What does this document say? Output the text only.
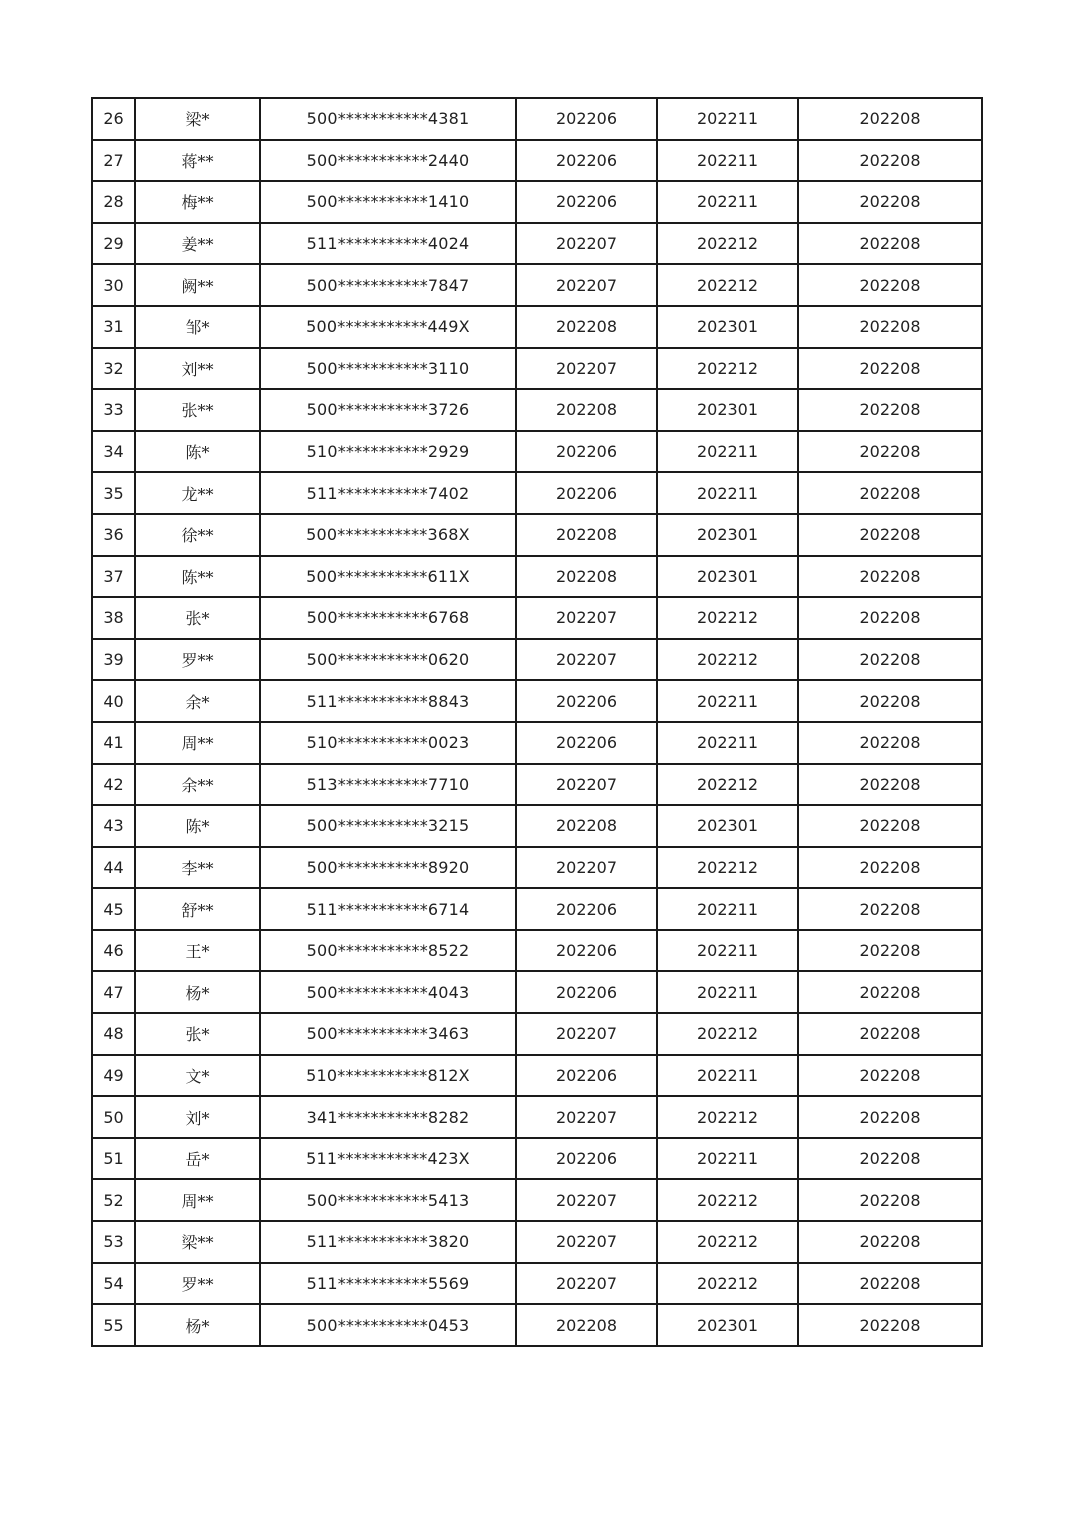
26	梁*	500***********4381	202206	202211	202208
27	蒋**	500***********2440	202206	202211	202208
28	梅**	500***********1410	202206	202211	202208
29	姜**	511***********4024	202207	202212	202208
30	阙**	500***********7847	202207	202212	202208
31	邹*	500***********449X	202208	202301	202208
32	刘**	500***********3110	202207	202212	202208
33	张**	500***********3726	202208	202301	202208
34	陈*	510***********2929	202206	202211	202208
35	龙**	511***********7402	202206	202211	202208
36	徐**	500***********368X	202208	202301	202208
37	陈**	500***********611X	202208	202301	202208
38	张*	500***********6768	202207	202212	202208
39	罗**	500***********0620	202207	202212	202208
40	余*	511***********8843	202206	202211	202208
41	周**	510***********0023	202206	202211	202208
42	余**	513***********7710	202207	202212	202208
43	陈*	500***********3215	202208	202301	202208
44	李**	500***********8920	202207	202212	202208
45	舒**	511***********6714	202206	202211	202208
46	王*	500***********8522	202206	202211	202208
47	杨*	500***********4043	202206	202211	202208
48	张*	500***********3463	202207	202212	202208
49	文*	510***********812X	202206	202211	202208
50	刘*	341***********8282	202207	202212	202208
51	岳*	511***********423X	202206	202211	202208
52	周**	500***********5413	202207	202212	202208
53	梁**	511***********3820	202207	202212	202208
54	罗**	511***********5569	202207	202212	202208
55	杨*	500***********0453	202208	202301	202208
